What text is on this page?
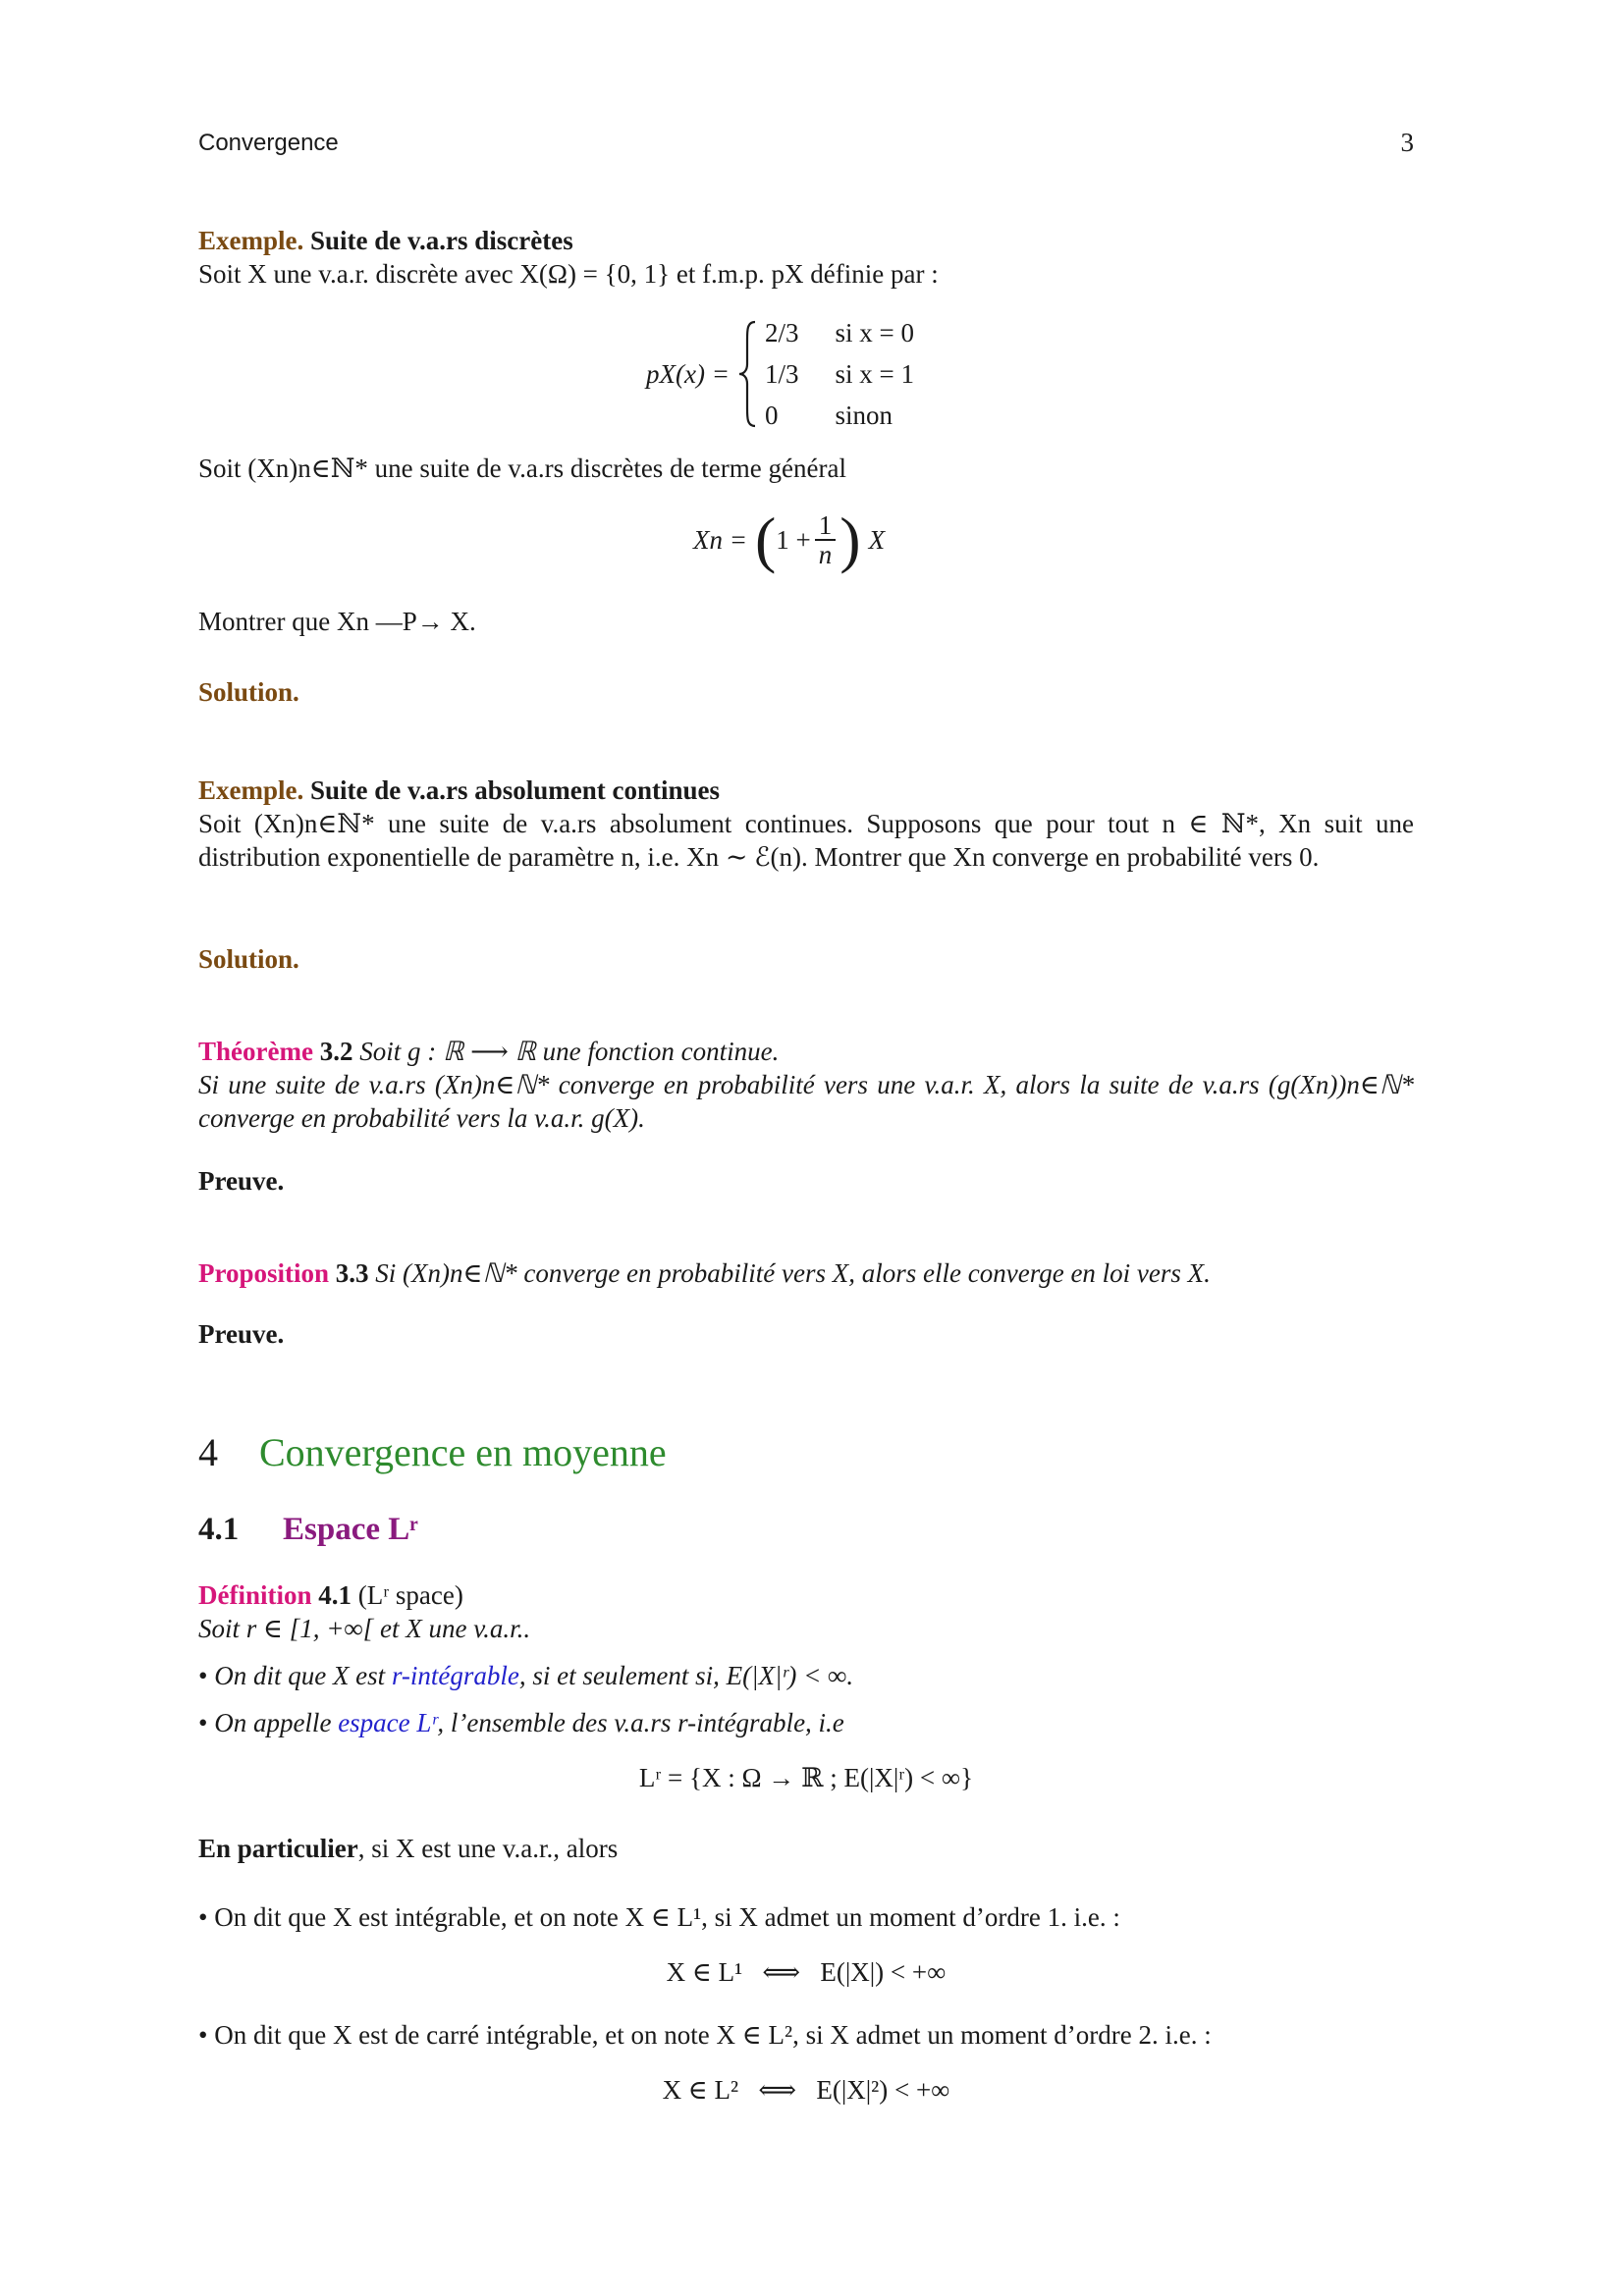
Convergence	3
Exemple. Suite de v.a.rs discrètes
Soit X une v.a.r. discrète avec X(Ω) = {0, 1} et f.m.p. pX définie par :
pX(x) =
2/3	si x = 0
1/3	si x = 1
0	sinon
Soit (Xn)n∈ℕ* une suite de v.a.rs discrètes de terme général
Xn = ( $1 + \frac{1}{n}$ ) X
Montrer que Xn —P→ X.
Solution.
Exemple. Suite de v.a.rs absolument continues
Soit (Xn)n∈ℕ* une suite de v.a.rs absolument continues. Supposons que pour tout n ∈ ℕ*, Xn suit une distribution exponentielle de paramètre n, i.e. Xn ∼ ℰ(n). Montrer que Xn converge en probabilité vers 0.
Solution.
Théorème 3.2 Soit g : ℝ ⟶ ℝ une fonction continue.
Si une suite de v.a.rs (Xn)n∈ℕ* converge en probabilité vers une v.a.r. X, alors la suite de v.a.rs (g(Xn))n∈ℕ* converge en probabilité vers la v.a.r. g(X).
Preuve.
Proposition 3.3 Si (Xn)n∈ℕ* converge en probabilité vers X, alors elle converge en loi vers X.
Preuve.
4 Convergence en moyenne
4.1 Espace Lʳ
Définition 4.1 (Lʳ space)
Soit r ∈ [1, +∞[ et X une v.a.r..
• On dit que X est r-intégrable, si et seulement si, E(|X|ʳ) < ∞.
• On appelle espace Lʳ, l’ensemble des v.a.rs r-intégrable, i.e
Lʳ = {X : Ω → ℝ ; E(|X|ʳ) < ∞}
En particulier, si X est une v.a.r., alors
• On dit que X est intégrable, et on note X ∈ L¹, si X admet un moment d’ordre 1. i.e. :
X ∈ L¹   ⟺   E(|X|) < +∞
• On dit que X est de carré intégrable, et on note X ∈ L², si X admet un moment d’ordre 2. i.e. :
X ∈ L²   ⟺   E(|X|²) < +∞
